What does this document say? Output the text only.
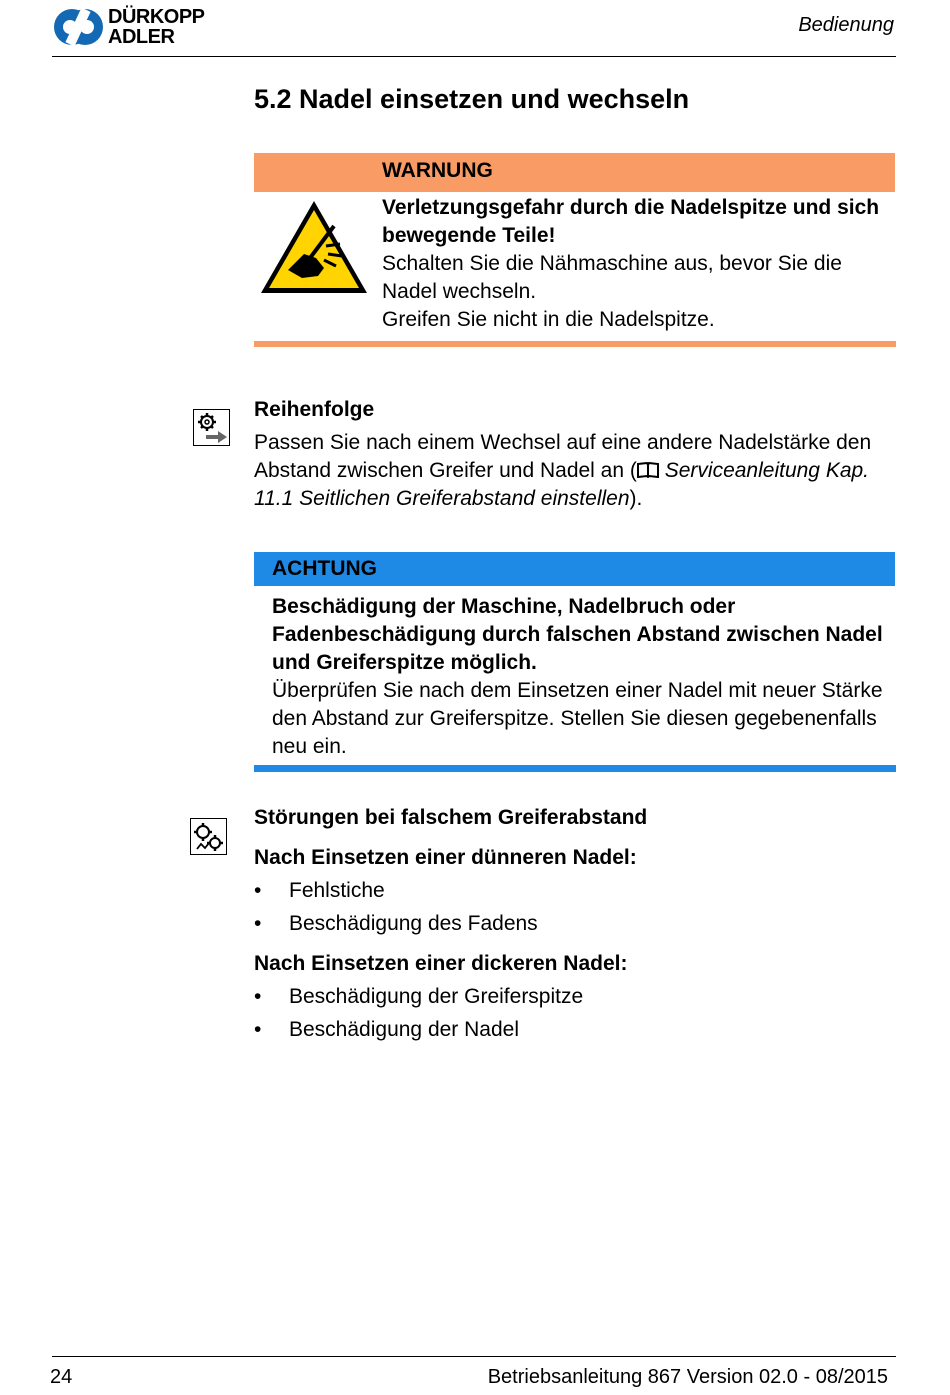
DÜRKOPP
ADLER
Bedienung
5.2 Nadel einsetzen und wechseln
WARNUNG
Verletzungsgefahr durch die Nadelspitze und sich bewegende Teile!
Schalten Sie die Nähmaschine aus, bevor Sie die Nadel wechseln.
Greifen Sie nicht in die Nadelspitze.
Reihenfolge
Passen Sie nach einem Wechsel auf eine andere Nadelstärke den Abstand zwischen Greifer und Nadel an ( Serviceanleitung Kap. 11.1 Seitlichen Greiferabstand einstellen).
ACHTUNG
Beschädigung der Maschine, Nadelbruch oder Fadenbeschädigung durch falschen Abstand zwischen Nadel und Greiferspitze möglich.
Überprüfen Sie nach dem Einsetzen einer Nadel mit neuer Stärke den Abstand zur Greiferspitze. Stellen Sie diesen gegebenenfalls neu ein.
Störungen bei falschem Greiferabstand
Nach Einsetzen einer dünneren Nadel:
• Fehlstiche
• Beschädigung des Fadens
Nach Einsetzen einer dickeren Nadel:
• Beschädigung der Greiferspitze
• Beschädigung der Nadel
24	Betriebsanleitung 867 Version 02.0 - 08/2015
